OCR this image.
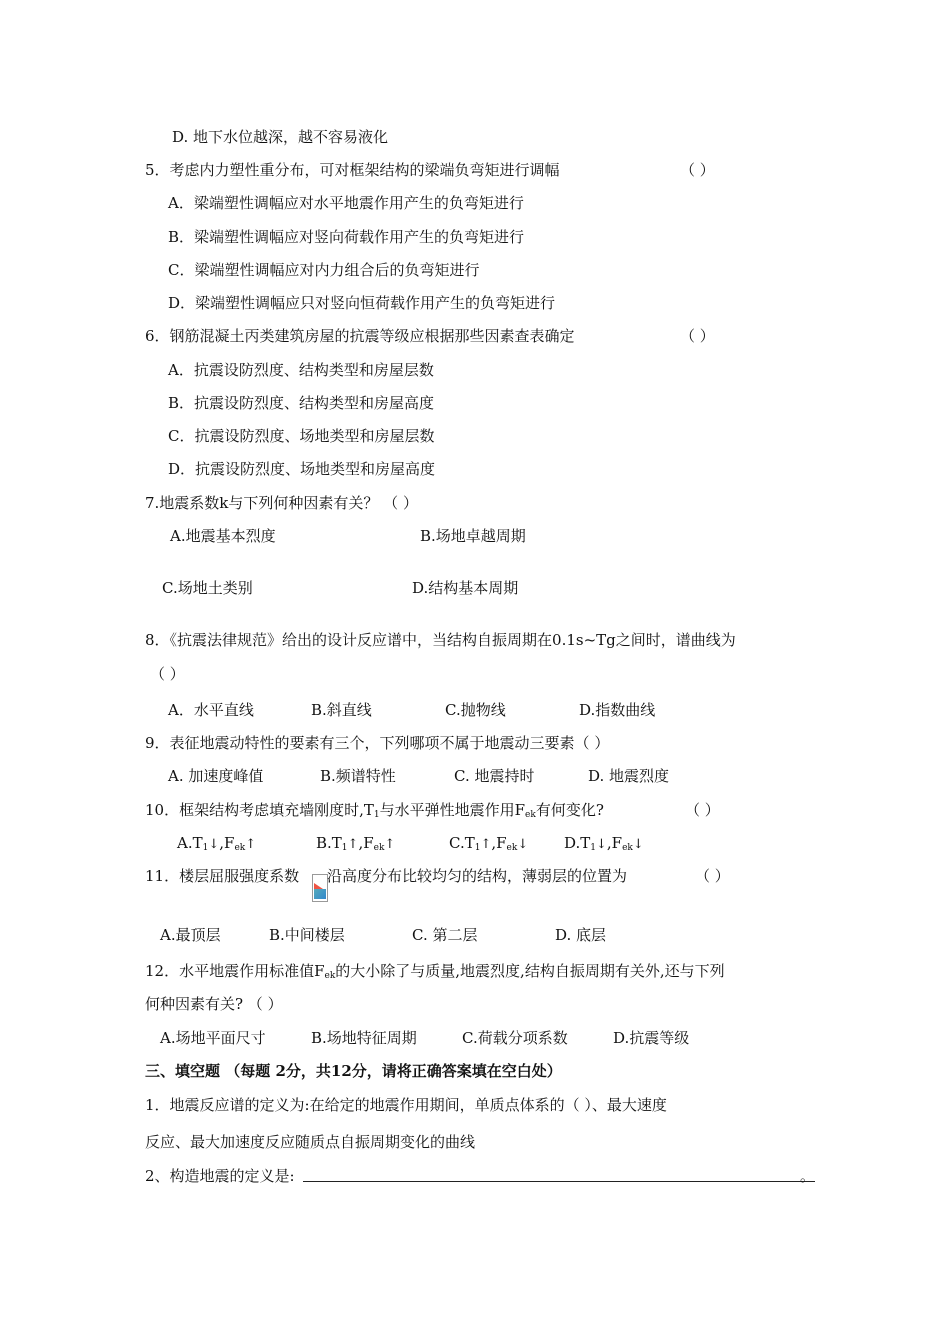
D. 地下水位越深，越不容易液化
5．考虑内力塑性重分布，可对框架结构的梁端负弯矩进行调幅	（ ）
A．梁端塑性调幅应对水平地震作用产生的负弯矩进行
B．梁端塑性调幅应对竖向荷载作用产生的负弯矩进行
C．梁端塑性调幅应对内力组合后的负弯矩进行
D．梁端塑性调幅应只对竖向恒荷载作用产生的负弯矩进行
6．钢筋混凝土丙类建筑房屋的抗震等级应根据那些因素查表确定	（ ）
A．抗震设防烈度、结构类型和房屋层数
B．抗震设防烈度、结构类型和房屋高度
C．抗震设防烈度、场地类型和房屋层数
D．抗震设防烈度、场地类型和房屋高度
7.地震系数k与下列何种因素有关？ （ ）
A.地震基本烈度	B.场地卓越周期
C.场地土类别	D.结构基本周期
8．《抗震法律规范》给出的设计反应谱中，当结构自振周期在0.1s~Tg之间时，谱曲线为
（ ）
A．水平直线	B.斜直线	C.抛物线	D.指数曲线
9．表征地震动特性的要素有三个，下列哪项不属于地震动三要素（ ）
A. 加速度峰值	B.频谱特性	C. 地震持时	D. 地震烈度
10．框架结构考虑填充墙刚度时$,T_1$与水平弹性地震作用$F_{ek}$有何变化?	（ ）
$A.T_1↓,F_{ek}↑$	$B.T_1↑,F_{ek}↑$	$C.T_1↑,F_{ek}↓$ $D.T_1↓,F_{ek}↓$
11．楼层屈服强度系数 沿高度分布比较均匀的结构，薄弱层的位置为	（ ）
A.最顶层	B.中间楼层	C. 第二层	D. 底层
12．水平地震作用标准值$F_{ek}$的大小除了与质量,地震烈度,结构自振周期有关外,还与下列
何种因素有关? （ ）
A.场地平面尺寸	B.场地特征周期	C.荷载分项系数	D.抗震等级
三、填空题 （每题 2分，共12分，请将正确答案填在空白处）
1．地震反应谱的定义为:在给定的地震作用期间，单质点体系的（ ）、最大速度
反应、最大加速度反应随质点自振周期变化的曲线
2、构造地震的定义是:	。
